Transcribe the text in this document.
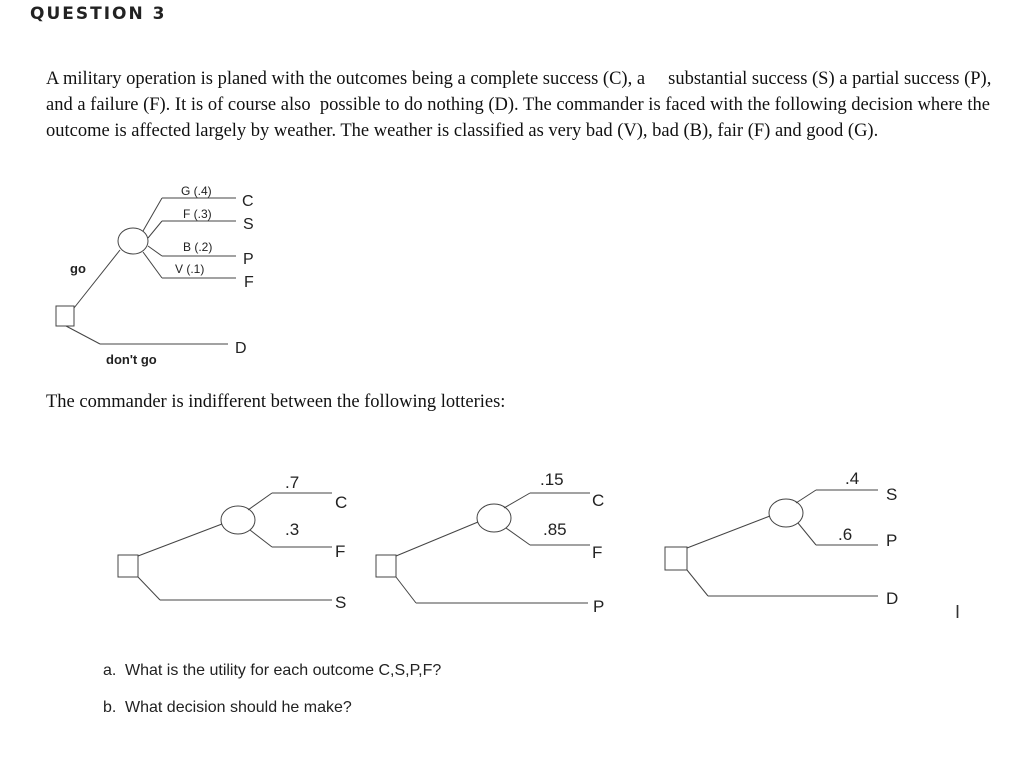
QUESTION 3
A military operation is planed with the outcomes being a complete success (C), a     substantial success (S) a partial success (P), and a failure (F). It is of course also  possible to do nothing (D). The commander is faced with the following decision where the outcome is affected largely by weather. The weather is classified as very bad (V), bad (B), fair (F) and good (G).
G (.4)
F (.3)
B (.2)
V (.1)
go
don't go
C
S
P
F
D
.7
.3
C
F
S
.15
.85
C
F
P
.4
.6
S
P
D
I
The commander is indifferent between the following lotteries:
a. What is the utility for each outcome C,S,P,F?
b. What decision should he make?
